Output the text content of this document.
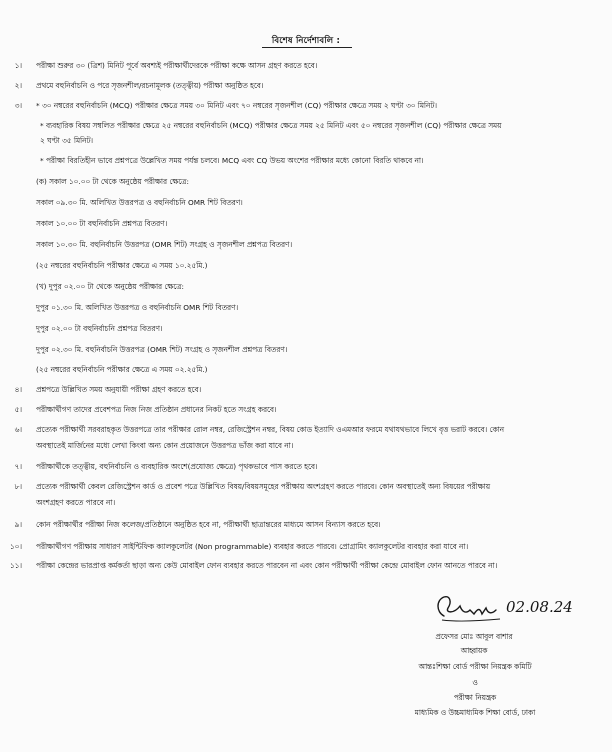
বিশেষ নির্দেশাবলি :
১। পরীক্ষা শুরুর ৩০ (ত্রিশ) মিনিট পূর্বে অবশ্যই পরীক্ষার্থীদেরকে পরীক্ষা কক্ষে আসন গ্রহণ করতে হবে।
২। প্রথমে বহুনির্বাচনি ও পরে সৃজনশীল/রচনামূলক (তত্ত্বীয়) পরীক্ষা অনুষ্ঠিত হবে।
৩। * ৩০ নম্বরের বহুনির্বাচনি (MCQ) পরীক্ষার ক্ষেত্রে সময় ৩০ মিনিট এবং ৭০ নম্বরের সৃজনশীল (CQ) পরীক্ষার ক্ষেত্রে সময় ২ ঘণ্টা ৩০ মিনিট।
* ব্যবহারিক বিষয় সম্বলিত পরীক্ষার ক্ষেত্রে ২৫ নম্বরের বহুনির্বাচনি (MCQ) পরীক্ষার ক্ষেত্রে সময় ২৫ মিনিট এবং ৫০ নম্বরের সৃজনশীল (CQ) পরীক্ষার ক্ষেত্রে সময়
২ ঘণ্টা ৩৫ মিনিট।
* পরীক্ষা বিরতিহীন ভাবে প্রশ্নপত্রে উল্লেখিত সময় পর্যন্ত চলবে। MCQ এবং CQ উভয় অংশের পরীক্ষার মধ্যে কোনো বিরতি থাকবে না।
(ক) সকাল ১০.০০ টা থেকে অনুষ্ঠেয় পরীক্ষার ক্ষেত্রে:
সকাল ০৯.৩০ মি. অলিখিত উত্তরপত্র ও বহুনির্বাচনি OMR শিট বিতরণ।
সকাল ১০.০০ টা বহুনির্বাচনি প্রশ্নপত্র বিতরণ।
সকাল ১০.৩০ মি. বহুনির্বাচনি উত্তরপত্র (OMR শিট) সংগ্রহ ও সৃজনশীল প্রশ্নপত্র বিতরণ।
(২৫ নম্বরের বহুনির্বাচনি পরীক্ষার ক্ষেত্রে এ সময় ১০.২৫মি.)
(খ) দুপুর ০২.০০ টা থেকে অনুষ্ঠেয় পরীক্ষার ক্ষেত্রে:
দুপুর ০১.৩০ মি. অলিখিত উত্তরপত্র ও বহুনির্বাচনি OMR শিট বিতরণ।
দুপুর ০২.০০ টা বহুনির্বাচনি প্রশ্নপত্র বিতরণ।
দুপুর ০২.৩০ মি. বহুনির্বাচনি উত্তরপত্র (OMR শিট) সংগ্রহ ও সৃজনশীল প্রশ্নপত্র বিতরণ।
(২৫ নম্বরের বহুনির্বাচনি পরীক্ষার ক্ষেত্রে এ সময় ০২.২৫মি.)
৪। প্রশ্নপত্রে উল্লিখিত সময় অনুযায়ী পরীক্ষা গ্রহণ করতে হবে।
৫। পরীক্ষার্থীগণ তাদের প্রবেশপত্র নিজ নিজ প্রতিষ্ঠান প্রধানের নিকট হতে সংগ্রহ করবে।
৬। প্রত্যেক পরীক্ষার্থী সরবরাহকৃত উত্তরপত্রে তার পরীক্ষার রোল নম্বর, রেজিস্ট্রেশন নম্বর, বিষয় কোড ইত্যাদি ওএমআর ফরমে যথাযথভাবে লিখে বৃত্ত ভরাট করবে। কোন
অবস্থাতেই মার্জিনের মধ্যে লেখা কিংবা অন্য কোন প্রয়োজনে উত্তরপত্র ভাঁজ করা যাবে না।
৭। পরীক্ষার্থীকে তত্ত্বীয়, বহুনির্বাচনি ও ব্যবহারিক অংশে(প্রযোজ্য ক্ষেত্রে) পৃথকভাবে পাস করতে হবে।
৮। প্রত্যেক পরীক্ষার্থী কেবল রেজিস্ট্রেশন কার্ড ও প্রবেশ পত্রে উল্লিখিত বিষয়/বিষয়সমূহের পরীক্ষায় অংশগ্রহণ করতে পারবে। কোন অবস্থাতেই অন্য বিষয়ের পরীক্ষায়
অংশগ্রহণ করতে পারবে না।
৯। কোন পরীক্ষার্থীর পরীক্ষা নিজ কলেজ/প্রতিষ্ঠানে অনুষ্ঠিত হবে না, পরীক্ষার্থী ছাত্রান্তরের মাধ্যমে আসন বিন্যাস করতে হবে।
১০। পরীক্ষার্থীগণ পরীক্ষায় সাধারণ সাইন্টিফিক ক্যালকুলেটর (Non programmable) ব্যবহার করতে পারবে। প্রোগ্রামিং ক্যালকুলেটর ব্যবহার করা যাবে না।
১১। পরীক্ষা কেন্দ্রের ভারপ্রাপ্ত কর্মকর্তা ছাড়া অন্য কেউ মোবাইল ফোন ব্যবহার করতে পারবেন না এবং কোন পরীক্ষার্থী পরীক্ষা কেন্দ্রে মোবাইল ফোন আনতে পারবে না।
02.08.24
প্রফেসর মোঃ আবুল বাশার
আহ্বায়ক
আন্তঃশিক্ষা বোর্ড পরীক্ষা নিয়ন্ত্রক কমিটি
ও
পরীক্ষা নিয়ন্ত্রক
মাধ্যমিক ও উচ্চমাধ্যমিক শিক্ষা বোর্ড, ঢাকা
